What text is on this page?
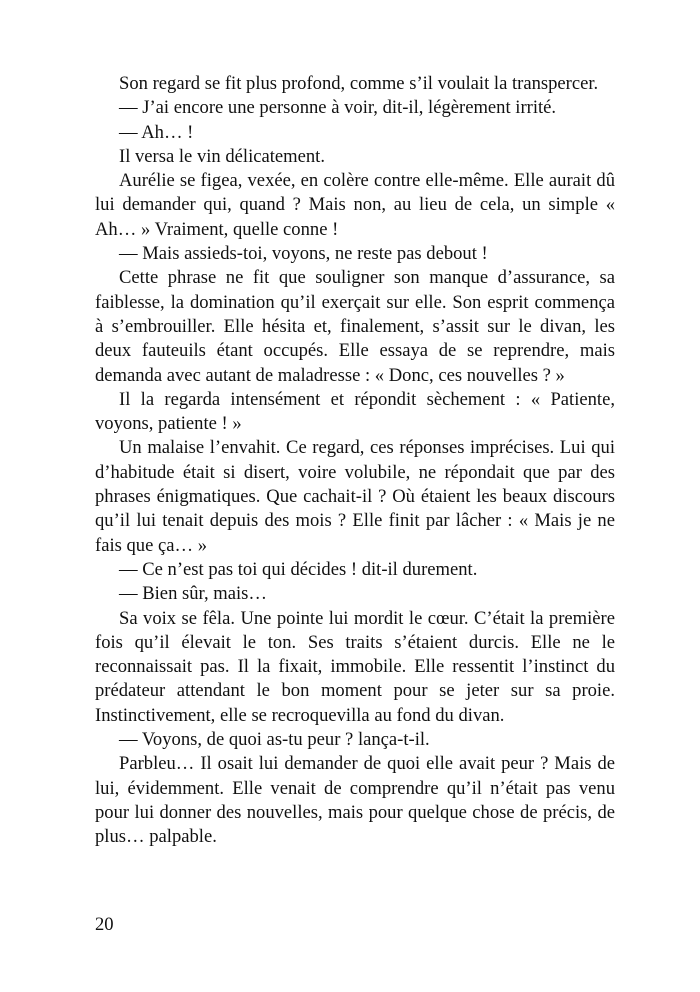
Son regard se fit plus profond, comme s’il voulait la transpercer.

— J’ai encore une personne à voir, dit-il, légèrement irrité.

— Ah… !

Il versa le vin délicatement.

Aurélie se figea, vexée, en colère contre elle-même. Elle aurait dû lui demander qui, quand ? Mais non, au lieu de cela, un simple « Ah… » Vraiment, quelle conne !

— Mais assieds-toi, voyons, ne reste pas debout !

Cette phrase ne fit que souligner son manque d’assurance, sa faiblesse, la domination qu’il exerçait sur elle. Son esprit commença à s’embrouiller. Elle hésita et, finalement, s’assit sur le divan, les deux fauteuils étant occupés. Elle essaya de se reprendre, mais demanda avec autant de maladresse : « Donc, ces nouvelles ? »

Il la regarda intensément et répondit sèchement : « Patiente, voyons, patiente ! »

Un malaise l’envahit. Ce regard, ces réponses imprécises. Lui qui d’habitude était si disert, voire volubile, ne répondait que par des phrases énigmatiques. Que cachait-il ? Où étaient les beaux discours qu’il lui tenait depuis des mois ? Elle finit par lâcher : « Mais je ne fais que ça… »

— Ce n’est pas toi qui décides ! dit-il durement.

— Bien sûr, mais…

Sa voix se fêla. Une pointe lui mordit le cœur. C’était la première fois qu’il élevait le ton. Ses traits s’étaient durcis. Elle ne le reconnaissait pas. Il la fixait, immobile. Elle ressentit l’instinct du prédateur attendant le bon moment pour se jeter sur sa proie. Instinctivement, elle se recroquevilla au fond du divan.

— Voyons, de quoi as-tu peur ? lança-t-il.

Parbleu… Il osait lui demander de quoi elle avait peur ? Mais de lui, évidemment. Elle venait de comprendre qu’il n’était pas venu pour lui donner des nouvelles, mais pour quelque chose de précis, de plus… palpable.

20
